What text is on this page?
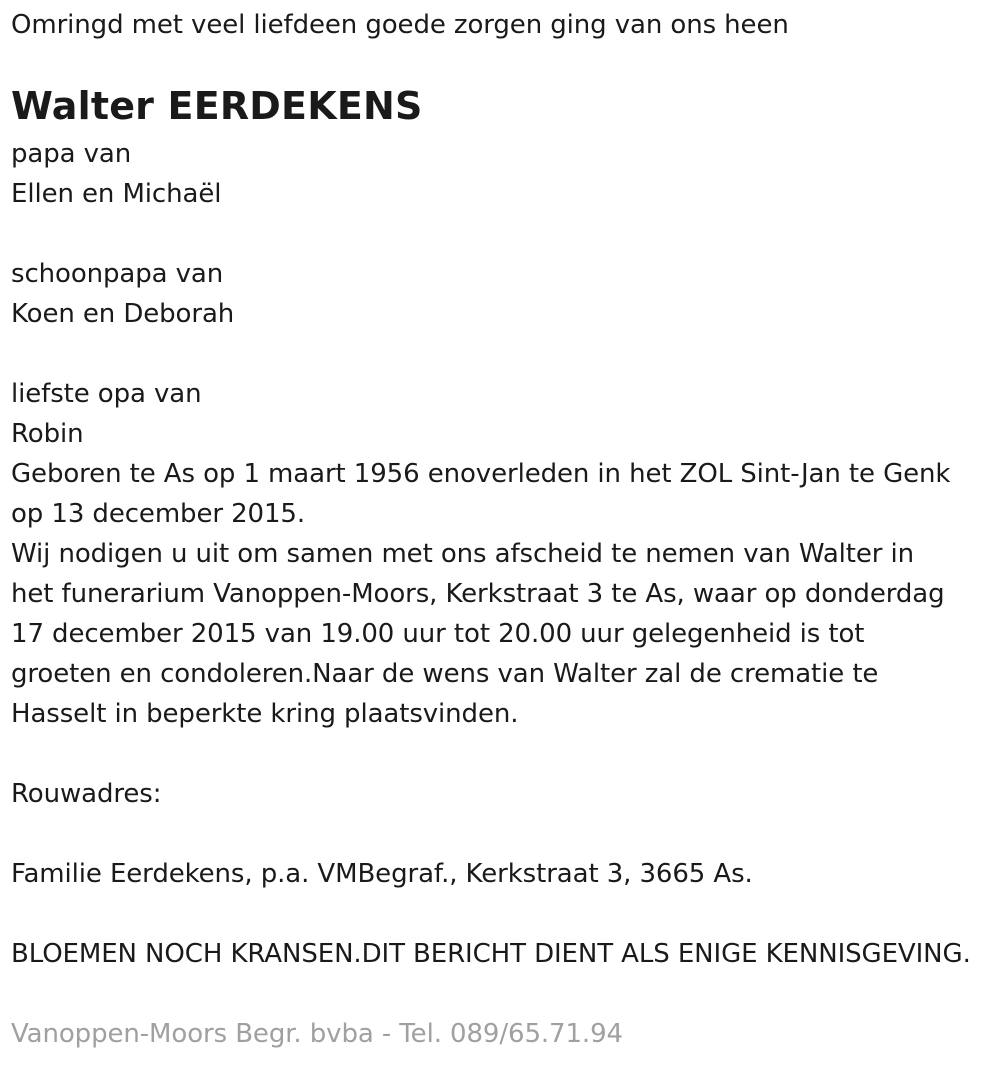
Omringd met veel liefdeen goede zorgen ging van ons heen
Walter EERDEKENS
papa van
Ellen en Michaël
schoonpapa van
Koen en Deborah
liefste opa van
Robin
Geboren te As op 1 maart 1956 enoverleden in het ZOL Sint-Jan te Genk
op 13 december 2015.
Wij nodigen u uit om samen met ons afscheid te nemen van Walter in
het funerarium Vanoppen-Moors, Kerkstraat 3 te As, waar op donderdag
17 december 2015 van 19.00 uur tot 20.00 uur gelegenheid is tot
groeten en condoleren.Naar de wens van Walter zal de crematie te
Hasselt in beperkte kring plaatsvinden.
Rouwadres:
Familie Eerdekens, p.a. VMBegraf., Kerkstraat 3, 3665 As.
BLOEMEN NOCH KRANSEN.DIT BERICHT DIENT ALS ENIGE KENNISGEVING.
Vanoppen-Moors Begr. bvba - Tel. 089/65.71.94
